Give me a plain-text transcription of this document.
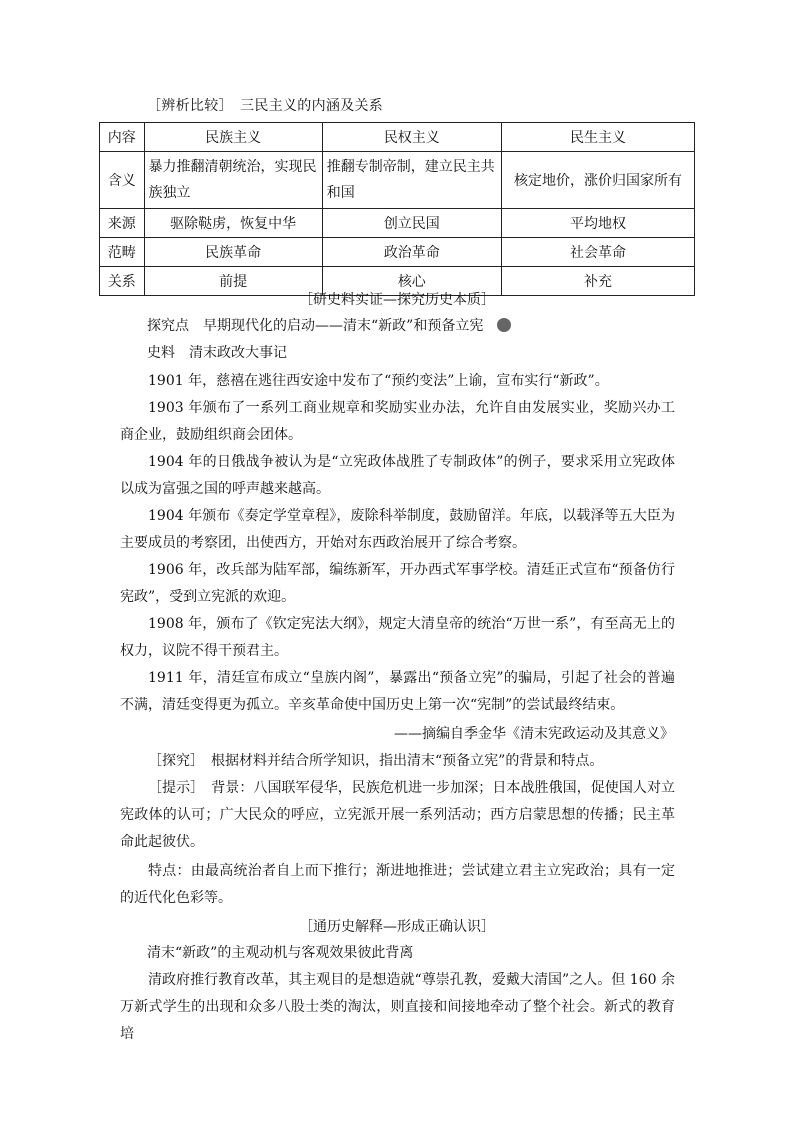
［辨析比较］　三民主义的内涵及关系
内容	民族主义	民权主义	民生主义
含义	暴力推翻清朝统治，实现民族独立	推翻专制帝制，建立民主共和国	核定地价，涨价归国家所有
来源	驱除鞑虏，恢复中华	创立民国	平均地权
范畴	民族革命	政治革命	社会革命
关系	前提	核心	补充
［研史料实证—探究历史本质］
探究点　早期现代化的启动——清末“新政”和预备立宪
史料　清末政改大事记

1901 年，慈禧在逃往西安途中发布了“预约变法”上谕，宣布实行“新政”。

1903 年颁布了一系列工商业规章和奖励实业办法，允许自由发展实业，奖励兴办工商企业，鼓励组织商会团体。

1904 年的日俄战争被认为是“立宪政体战胜了专制政体”的例子，要求采用立宪政体以成为富强之国的呼声越来越高。

1904 年颁布《奏定学堂章程》，废除科举制度，鼓励留洋。年底，以载泽等五大臣为主要成员的考察团，出使西方，开始对东西政治展开了综合考察。

1906 年，改兵部为陆军部，编练新军，开办西式军事学校。清廷正式宣布“预备仿行宪政”，受到立宪派的欢迎。

1908 年，颁布了《钦定宪法大纲》，规定大清皇帝的统治“万世一系”，有至高无上的权力，议院不得干预君主。

1911 年，清廷宣布成立“皇族内阁”，暴露出“预备立宪”的骗局，引起了社会的普遍不满，清廷变得更为孤立。辛亥革命使中国历史上第一次“宪制”的尝试最终结束。

——摘编自季金华《清末宪政运动及其意义》

［探究］　根据材料并结合所学知识，指出清末“预备立宪”的背景和特点。

［提示］　背景：八国联军侵华，民族危机进一步加深；日本战胜俄国，促使国人对立宪政体的认可；广大民众的呼应，立宪派开展一系列活动；西方启蒙思想的传播；民主革命此起彼伏。

特点：由最高统治者自上而下推行；渐进地推进；尝试建立君主立宪政治；具有一定的近代化色彩等。

［通历史解释—形成正确认识］
清末“新政”的主观动机与客观效果彼此背离

清政府推行教育改革，其主观目的是想造就“尊崇孔教，爱戴大清国”之人。但 160 余万新式学生的出现和众多八股士类的淘汰，则直接和间接地牵动了整个社会。新式的教育培
